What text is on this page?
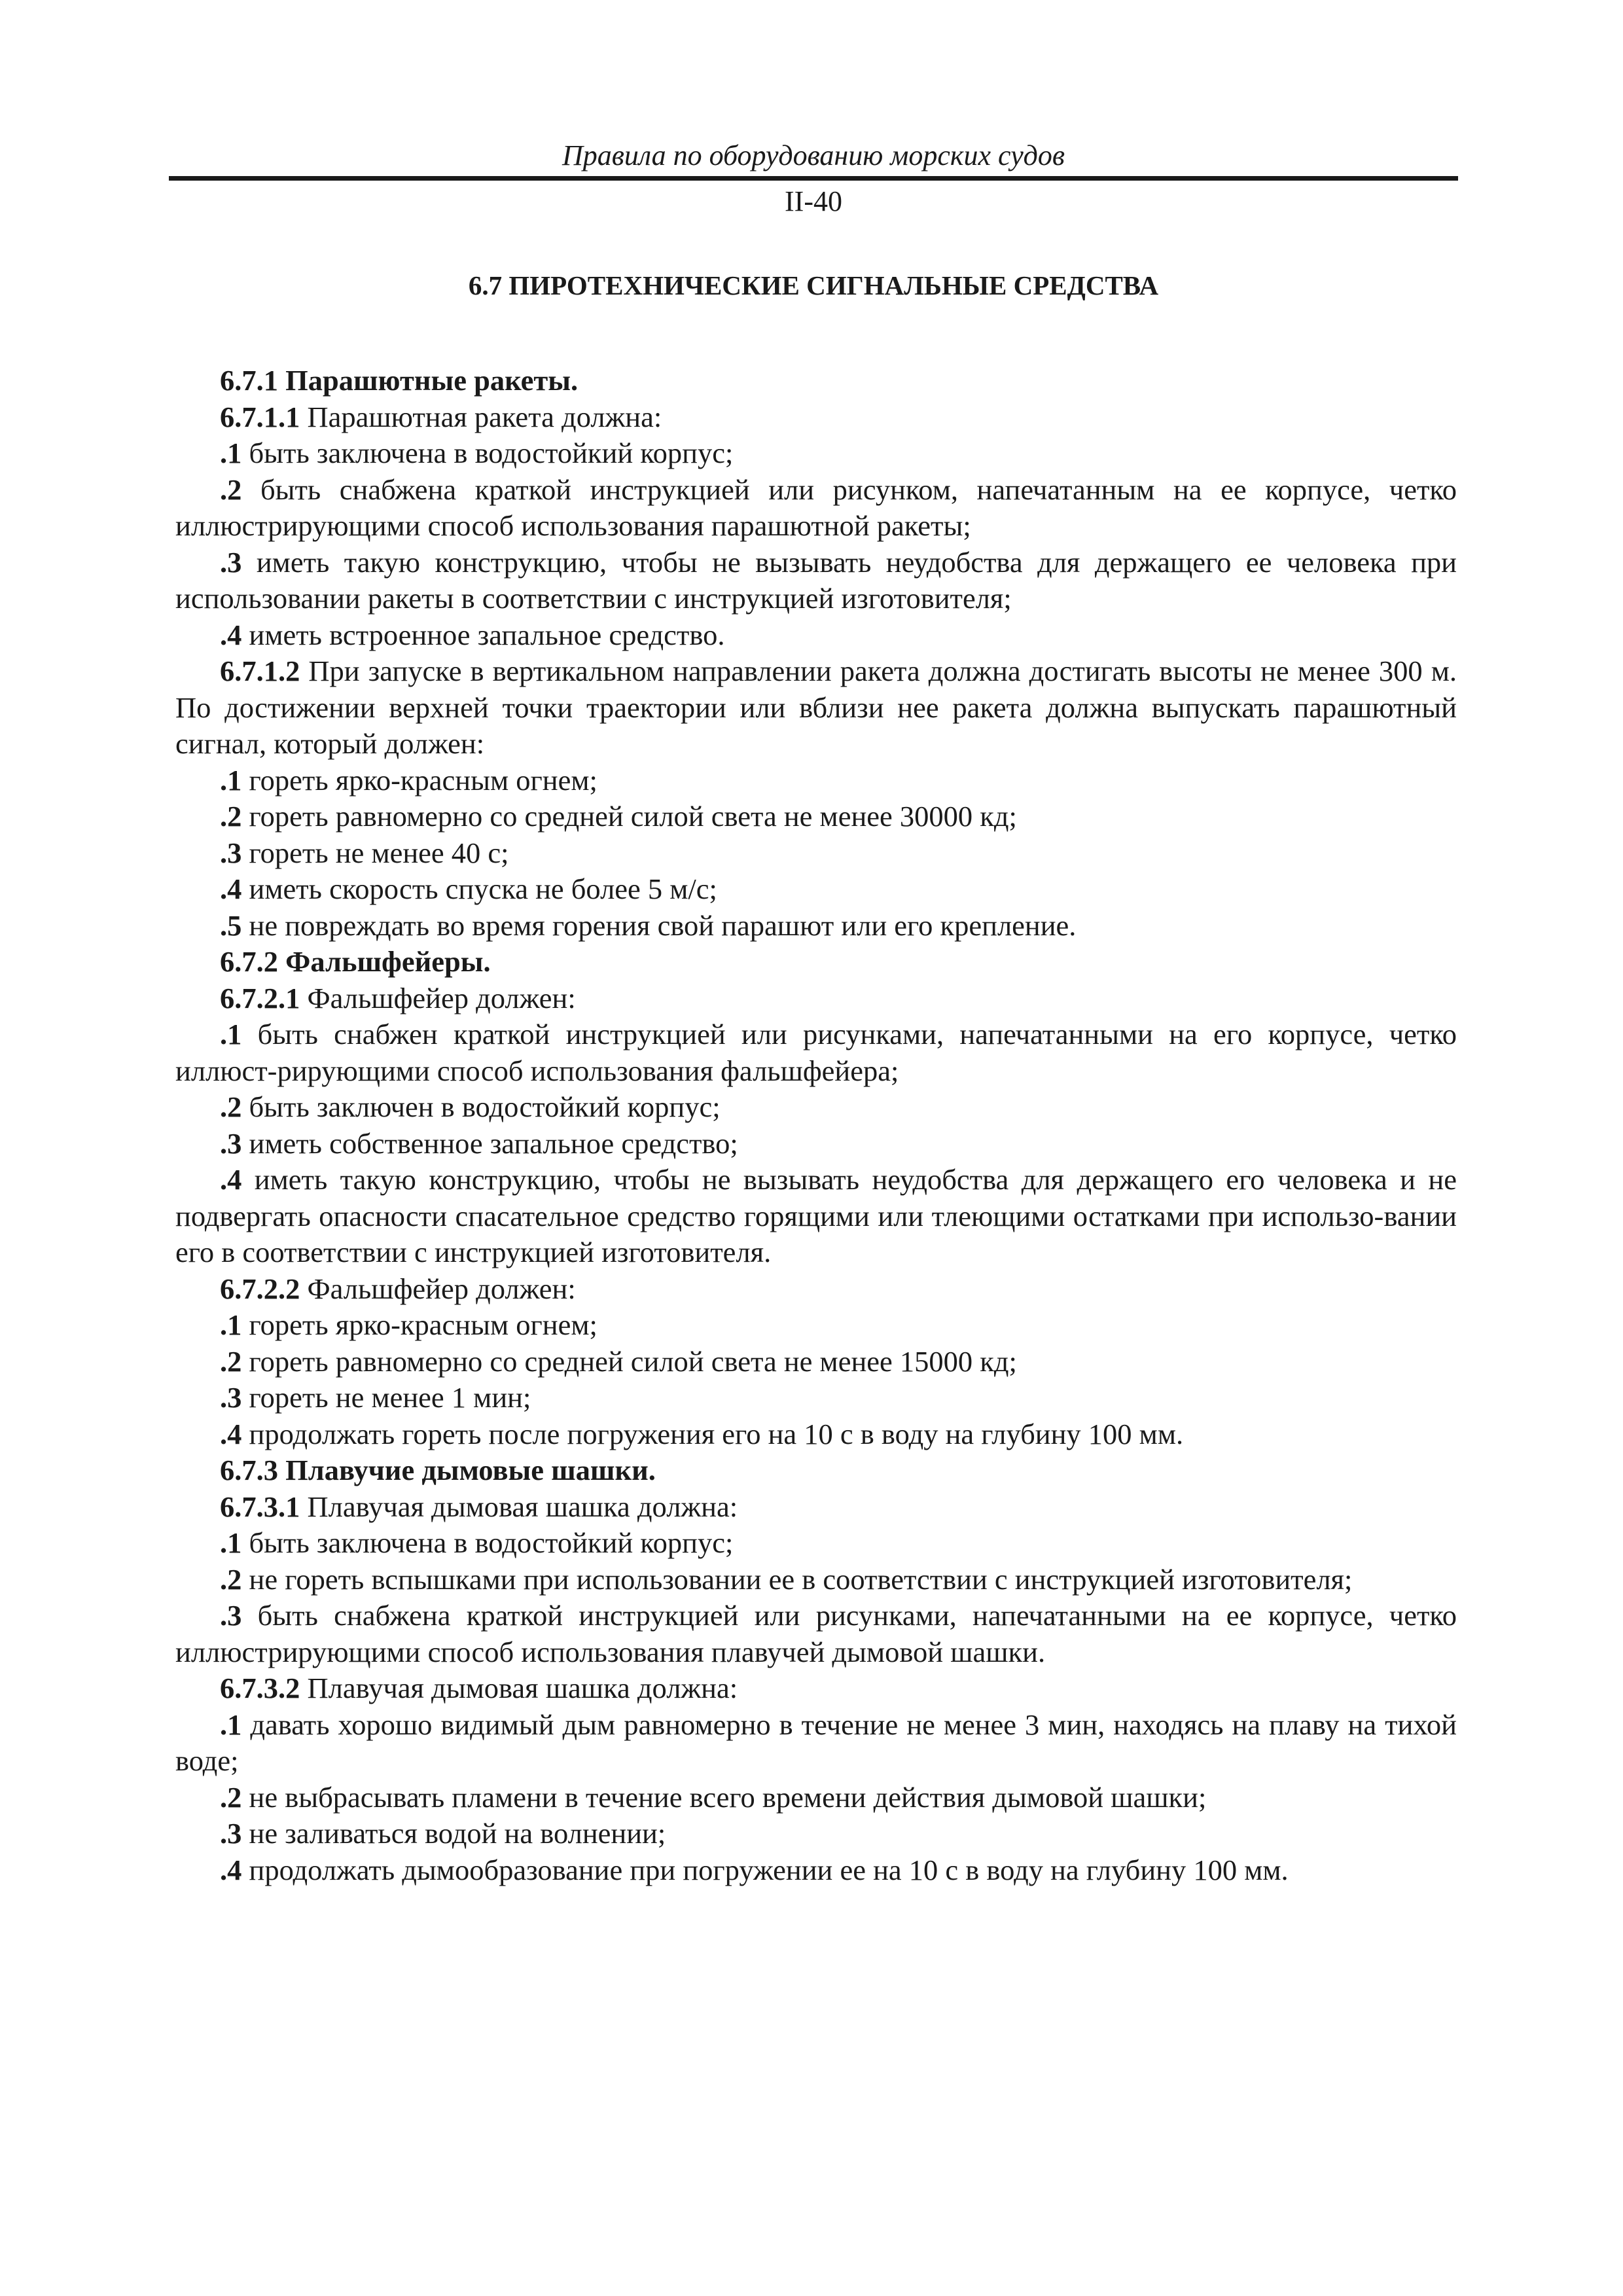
Правила по оборудованию морских судов
II-40
6.7 ПИРОТЕХНИЧЕСКИЕ СИГНАЛЬНЫЕ СРЕДСТВА

6.7.1 Парашютные ракеты.

6.7.1.1 Парашютная ракета должна:

.1 быть заключена в водостойкий корпус;

.2 быть снабжена краткой инструкцией или рисунком, напечатанным на ее корпусе, четко иллюстрирующими способ использования парашютной ракеты;

.3 иметь такую конструкцию, чтобы не вызывать неудобства для держащего ее человека при использовании ракеты в соответствии с инструкцией изготовителя;

.4 иметь встроенное запальное средство.

6.7.1.2 При запуске в вертикальном направлении ракета должна достигать высоты не менее 300 м. По достижении верхней точки траектории или вблизи нее ракета должна выпускать парашютный сигнал, который должен:

.1 гореть ярко-красным огнем;

.2 гореть равномерно со средней силой света не менее 30000 кд;

.3 гореть не менее 40 с;

.4 иметь скорость спуска не более 5 м/с;

.5 не повреждать во время горения свой парашют или его крепление.

6.7.2 Фальшфейеры.

6.7.2.1 Фальшфейер должен:

.1 быть снабжен краткой инструкцией или рисунками, напечатанными на его корпусе, четко иллюст-рирующими способ использования фальшфейера;

.2 быть заключен в водостойкий корпус;

.3 иметь собственное запальное средство;

.4 иметь такую конструкцию, чтобы не вызывать неудобства для держащего его человека и не подвергать опасности спасательное средство горящими или тлеющими остатками при использо-вании его в соответствии с инструкцией изготовителя.

6.7.2.2 Фальшфейер должен:

.1 гореть ярко-красным огнем;

.2 гореть равномерно со средней силой света не менее 15000 кд;

.3 гореть не менее 1 мин;

.4 продолжать гореть после погружения его на 10 с в воду на глубину 100 мм.

6.7.3 Плавучие дымовые шашки.

6.7.3.1 Плавучая дымовая шашка должна:

.1 быть заключена в водостойкий корпус;

.2 не гореть вспышками при использовании ее в соответствии с инструкцией изготовителя;

.3 быть снабжена краткой инструкцией или рисунками, напечатанными на ее корпусе, четко иллюстрирующими способ использования плавучей дымовой шашки.

6.7.3.2 Плавучая дымовая шашка должна:

.1 давать хорошо видимый дым равномерно в течение не менее 3 мин, находясь на плаву на тихой воде;

.2 не выбрасывать пламени в течение всего времени действия дымовой шашки;

.3 не заливаться водой на волнении;

.4 продолжать дымообразование при погружении ее на 10 с в воду на глубину 100 мм.
